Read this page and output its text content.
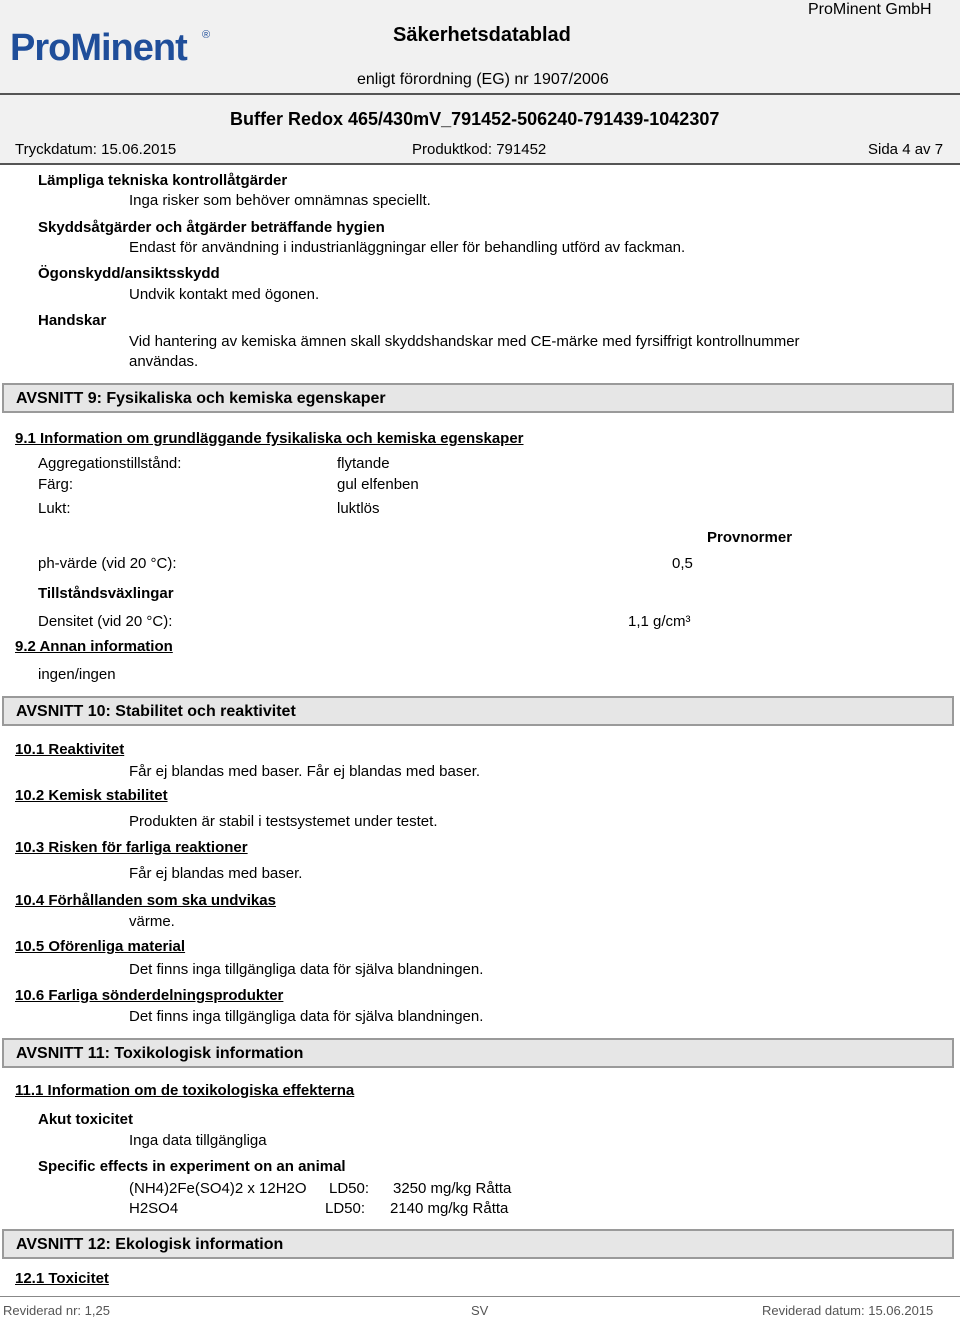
ProMinent ®
ProMinent GmbH
Säkerhetsdatablad
enligt förordning (EG) nr 1907/2006
Buffer Redox 465/430mV_791452-506240-791439-1042307
Tryckdatum: 15.06.2015	Produktkod: 791452	Sida 4 av 7
Lämpliga tekniska kontrollåtgärder
Inga risker som behöver omnämnas speciellt.
Skyddsåtgärder och åtgärder beträffande hygien
Endast för användning i industrianläggningar eller för behandling utförd av fackman.
Ögonskydd/ansiktsskydd
Undvik kontakt med ögonen.
Handskar
Vid hantering av kemiska ämnen skall skyddshandskar med CE-märke med fyrsiffrigt kontrollnummer
användas.
AVSNITT 9: Fysikaliska och kemiska egenskaper
9.1 Information om grundläggande fysikaliska och kemiska egenskaper
Aggregationstillstånd:	flytande
Färg:	gul elfenben
Lukt:	luktlös
Provnormer
ph-värde (vid 20 °C):	0,5
Tillståndsväxlingar
Densitet (vid 20 °C):	1,1 g/cm³
9.2 Annan information
ingen/ingen
AVSNITT 10: Stabilitet och reaktivitet
10.1 Reaktivitet
Får ej blandas med baser. Får ej blandas med baser.
10.2 Kemisk stabilitet
Produkten är stabil i testsystemet under testet.
10.3 Risken för farliga reaktioner
Får ej blandas med baser.
10.4 Förhållanden som ska undvikas
värme.
10.5 Oförenliga material
Det finns inga tillgängliga data för själva blandningen.
10.6 Farliga sönderdelningsprodukter
Det finns inga tillgängliga data för själva blandningen.
AVSNITT 11: Toxikologisk information
11.1 Information om de toxikologiska effekterna
Akut toxicitet
Inga data tillgängliga
Specific effects in experiment on an animal
(NH4)2Fe(SO4)2 x 12H2O LD50: 3250 mg/kg Råtta
H2SO4	LD50: 2140 mg/kg Råtta
AVSNITT 12: Ekologisk information
12.1 Toxicitet
Reviderad nr: 1,25	SV	Reviderad datum: 15.06.2015
